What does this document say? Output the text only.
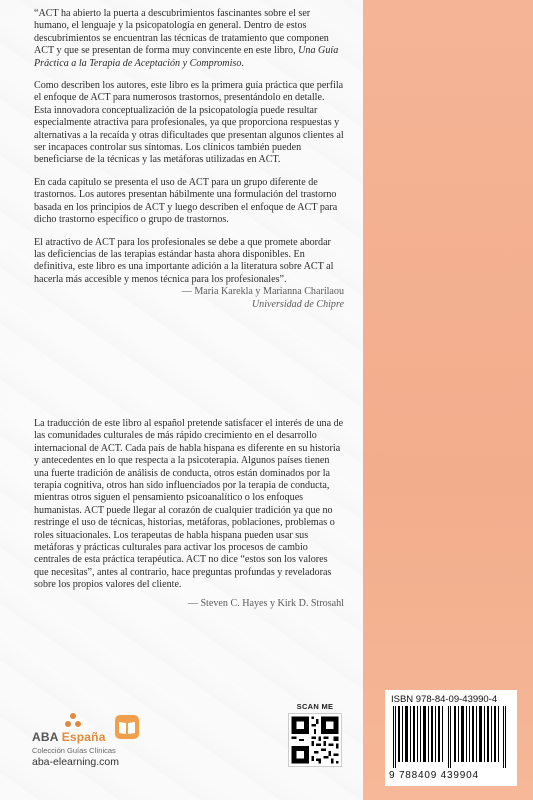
“ACT ha abierto la puerta a descubrimientos fascinantes sobre el ser humano, el lenguaje y la psicopatología en general. Dentro de estos descubrimientos se encuentran las técnicas de tratamiento que componen ACT y que se presentan de forma muy convincente en este libro, Una Guía Práctica a la Terapia de Aceptación y Compromiso.

Como describen los autores, este libro es la primera guía práctica que perfila el enfoque de ACT para numerosos trastornos, presentándolo en detalle. Esta innovadora conceptualización de la psicopatología puede resultar especialmente atractiva para profesionales, ya que proporciona respuestas y alternativas a la recaída y otras dificultades que presentan algunos clientes al ser incapaces controlar sus síntomas. Los clínicos también pueden beneficiarse de la técnicas y las metáforas utilizadas en ACT.

En cada capítulo se presenta el uso de ACT para un grupo diferente de trastornos. Los autores presentan hábilmente una formulación del trastorno basada en los principios de ACT y luego describen el enfoque de ACT para dicho trastorno específico o grupo de trastornos.

El atractivo de ACT para los profesionales se debe a que promete abordar las deficiencias de las terapias estándar hasta ahora disponibles. En definitiva, este libro es una importante adición a la literatura sobre ACT al hacerla más accesible y menos técnica para los profesionales”.

— Maria Karekla y Marianna Charilaou
Universidad de Chipre

La traducción de este libro al español pretende satisfacer el interés de una de las comunidades culturales de más rápido crecimiento en el desarrollo internacional de ACT. Cada país de habla hispana es diferente en su historia y antecedentes en lo que respecta a la psicoterapia. Algunos países tienen una fuerte tradición de análisis de conducta, otros están dominados por la terapia cognitiva, otros han sido influenciados por la terapia de conducta, mientras otros siguen el pensamiento psicoanalítico o los enfoques humanistas. ACT puede llegar al corazón de cualquier tradición ya que no restringe el uso de técnicas, historias, metáforas, poblaciones, problemas o roles situacionales. Los terapeutas de habla hispana pueden usar sus metáforas y prácticas culturales para activar los procesos de cambio centrales de esta práctica terapéutica. ACT no dice “estos son los valores que necesitas”, antes al contrario, hace preguntas profundas y reveladoras sobre los propios valores del cliente.

— Steven C. Hayes y Kirk D. Strosahl
ABA España
Colección Guías Clínicas
aba-elearning.com
SCAN ME
ISBN 978-84-09-43990-4
9 788409 439904
